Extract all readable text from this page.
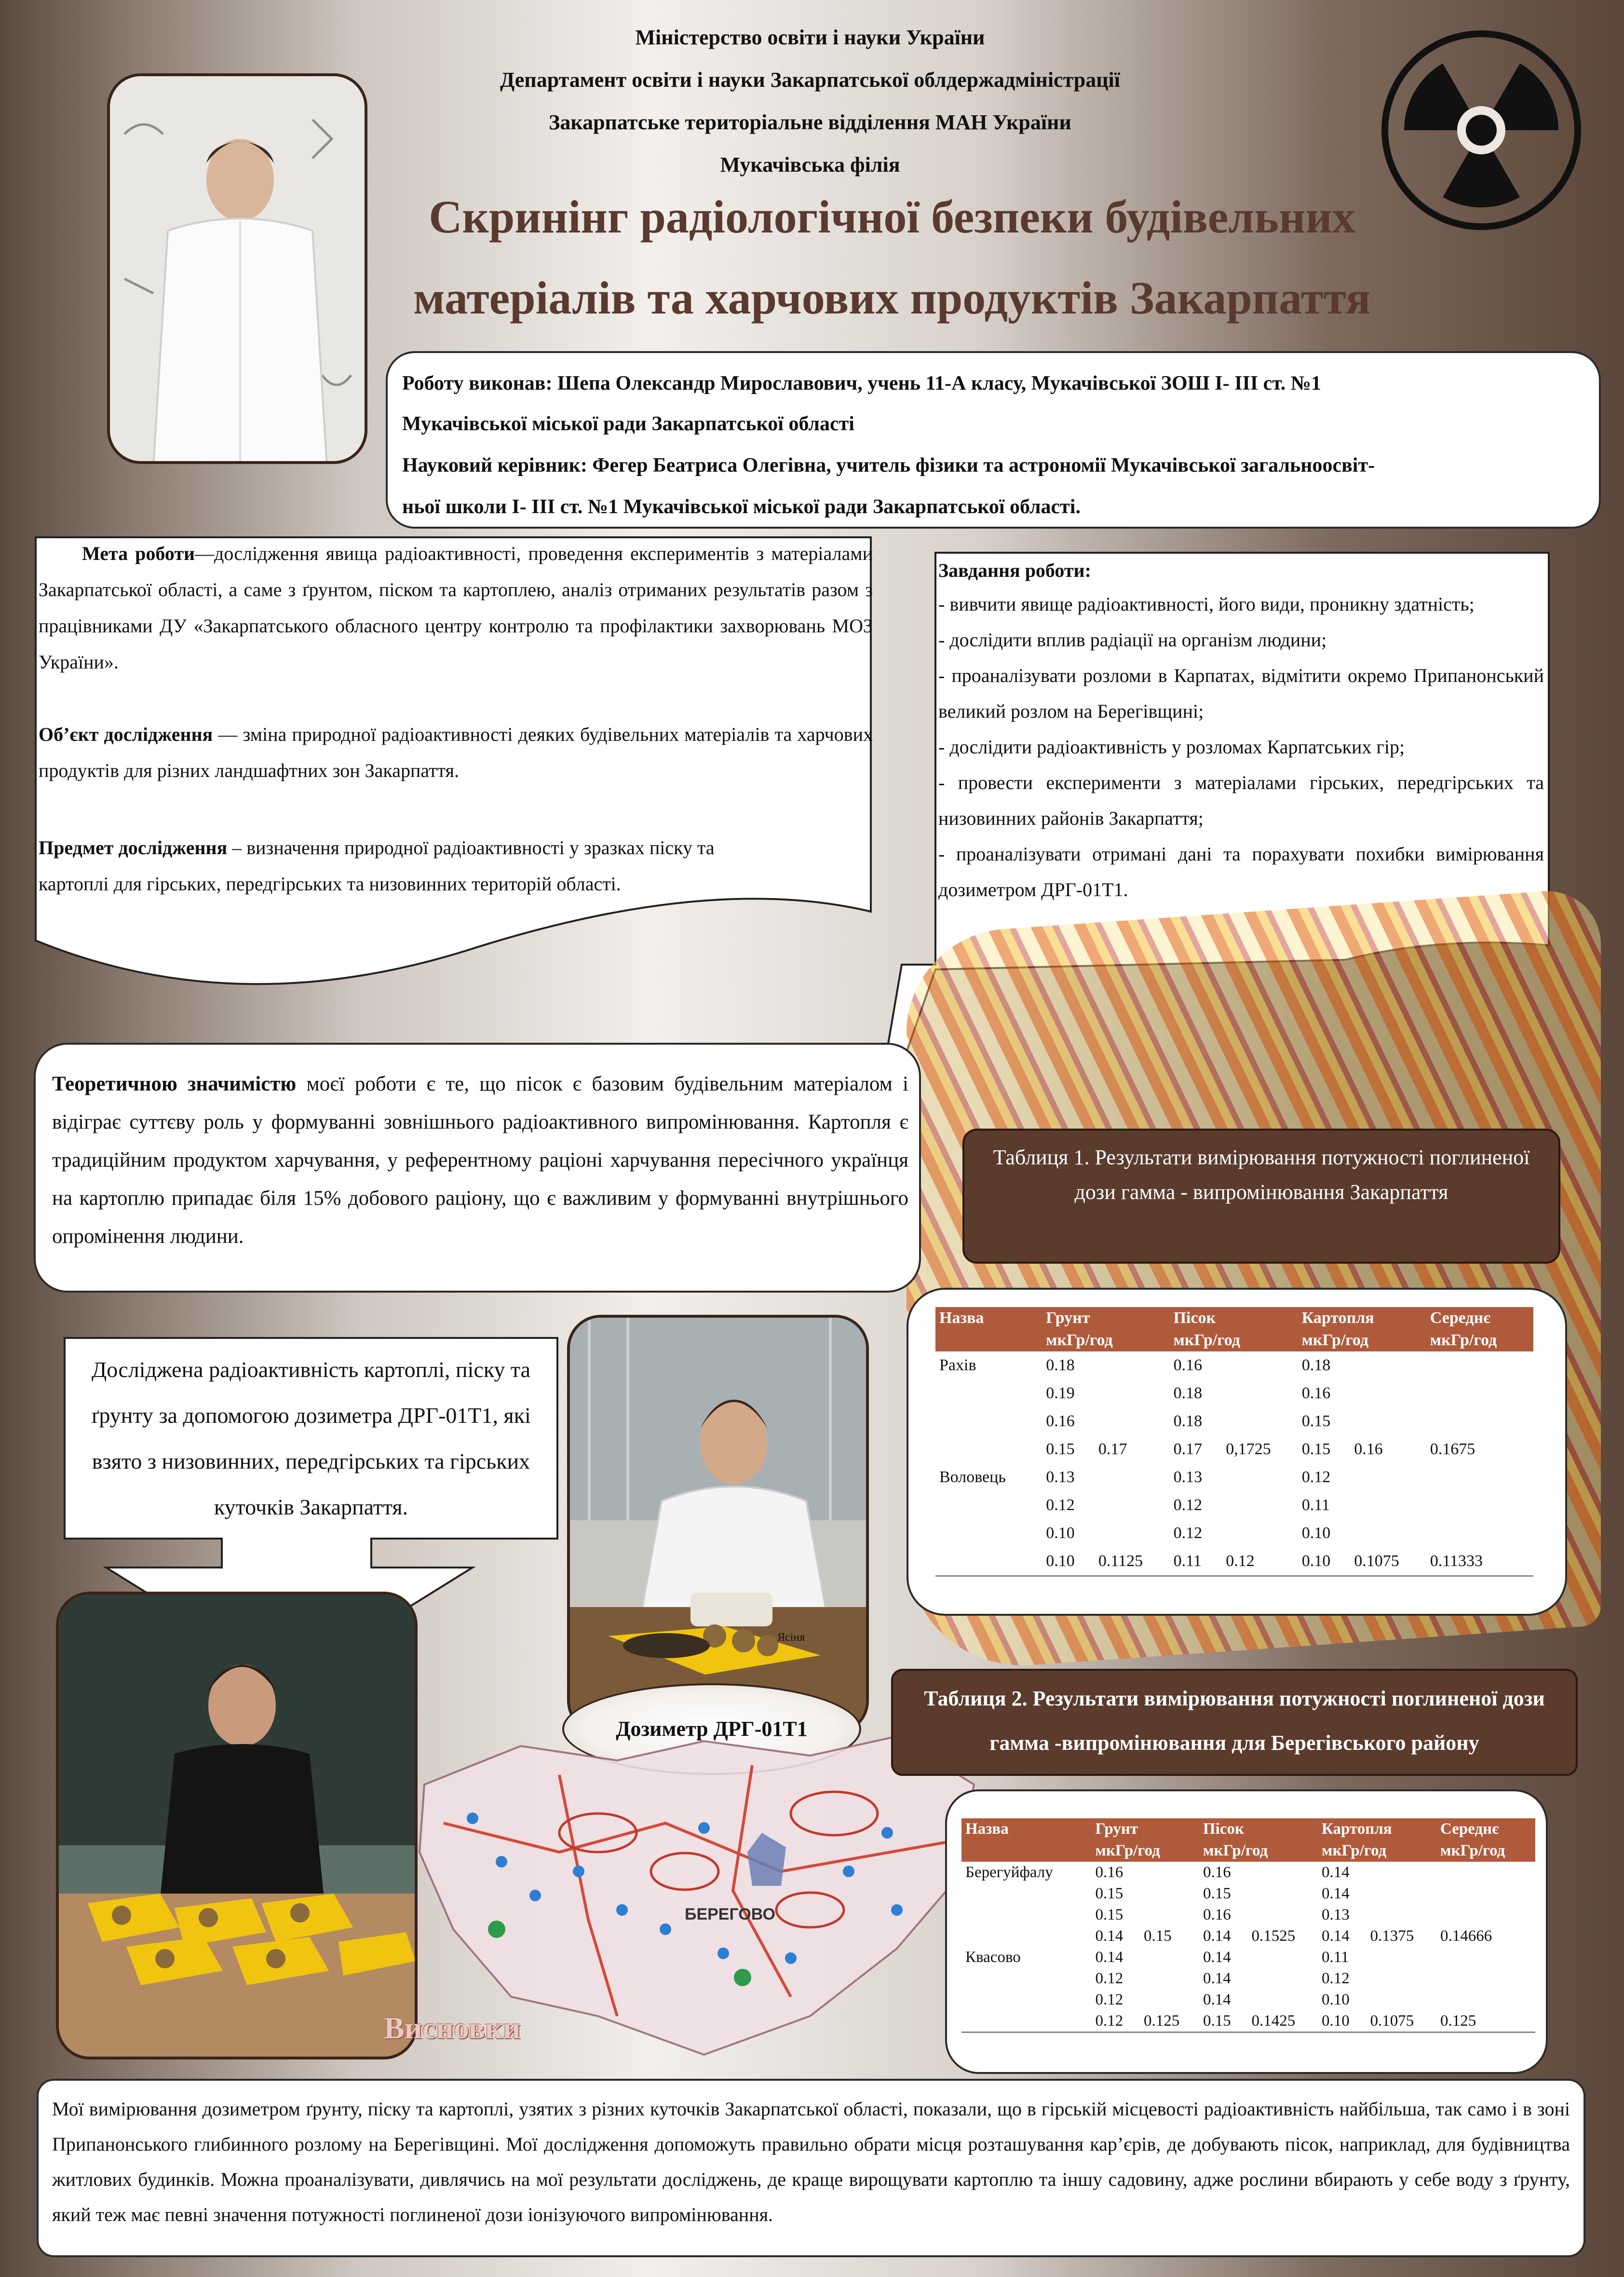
Міністерство освіти і науки України
Департамент освіти і науки Закарпатської облдержадміністрації
Закарпатське територіальне відділення МАН України
Мукачівська філія
Скринінг радіологічної безпеки будівельних
матеріалів та харчових продуктів Закарпаття
Роботу виконав: Шепа Олександр Мирославович, учень 11-А класу, Мукачівської ЗОШ І- ІІІ ст. №1
Мукачівської міської ради Закарпатської області
Науковий керівник: Фегер Беатриса Олегівна, учитель фізики та астрономії Мукачівської загальноосвіт-
ньої школи І- ІІІ ст. №1 Мукачівської міської ради Закарпатської області.
Мета роботи—дослідження явища радіоактивності, проведення експериментів з матеріалами Закарпатської області, а саме з ґрунтом, піском та картоплею, аналіз отриманих результатів разом з працівниками ДУ «Закарпатського обласного центру контролю та профілактики захворювань МОЗ України».
Об’єкт дослідження — зміна природної радіоактивності деяких будівельних матеріалів та харчових продуктів для різних ландшафтних зон Закарпаття.
Предмет дослідження – визначення природної радіоактивності у зразках піску та картоплі для гірських, передгірських та низовинних територій області.
Завдання роботи:
- вивчити явище радіоактивності, його види, проникну здатність;
- дослідити вплив радіації на організм людини;
- проаналізувати розломи в Карпатах, відмітити окремо Припанонський великий розлом на Берегівщині;
- дослідити радіоактивність у розломах Карпатських гір;
- провести експерименти з матеріалами гірських, передгірських та низовинних районів Закарпаття;
- проаналізувати отримані дані та порахувати похибки вимірювання дозиметром ДРГ-01Т1.
Теоретичною значимістю моєї роботи є те, що пісок є базовим будівельним матеріалом і відіграє суттєву роль у формуванні зовнішнього радіоактивного випромінювання. Картопля є традиційним продуктом харчування, у референтному раціоні харчування пересічного українця на картоплю припадає біля 15% добового раціону, що є важливим у формуванні внутрішнього опромінення людини.
Таблиця 1. Результати вимірювання потужності поглиненої дози гамма - випромінювання Закарпаття
Назва	Грунт		Пісок		Картопля		Середнє
	мкГр/год		мкГр/год		мкГр/год		мкГр/год
Рахів	0.18		0.16		0.18		
	0.19		0.18		0.16		
	0.16		0.18		0.15		
	0.15	0.17	0.17	0,1725	0.15	0.16	0.1675
Воловець	0.13		0.13		0.12		
	0.12		0.12		0.11		
	0.10		0.12		0.10		
	0.10	0.1125	0.11	0.12	0.10	0.1075	0.11333
Досліджена радіоактивність картоплі, піску та ґрунту за допомогою дозиметра ДРГ-01Т1, які взято з низовинних, передгірських та гірських куточків Закарпаття.
Ясіня
Дозиметр ДРГ-01Т1
БЕРЕГОВО
Таблиця 2. Результати вимірювання потужності поглиненої дози гамма -випромінювання для Берегівського району
Назва	Грунт		Пісок		Картопля		Середнє
	мкГр/год		мкГр/год		мкГр/год		мкГр/год
Берегуйфалу	0.16		0.16		0.14		
	0.15		0.15		0.14		
	0.15		0.16		0.13		
	0.14	0.15	0.14	0.1525	0.14	0.1375	0.14666
Квасово	0.14		0.14		0.11		
	0.12		0.14		0.12		
	0.12		0.14		0.10		
	0.12	0.125	0.15	0.1425	0.10	0.1075	0.125
Висновки
Мої вимірювання дозиметром ґрунту, піску та картоплі, узятих з різних куточків Закарпатської області, показали, що в гірській місцевості радіоактивність найбільша, так само і в зоні Припанонського глибинного розлому на Берегівщині. Мої дослідження допоможуть правильно обрати місця розташування кар’єрів, де добувають пісок, наприклад, для будівництва житлових будинків. Можна проаналізувати, дивлячись на мої результати досліджень, де краще вирощувати картоплю та іншу садовину, адже рослини вбирають у себе воду з ґрунту, який теж має певні значення потужності поглиненої дози іонізуючого випромінювання.
